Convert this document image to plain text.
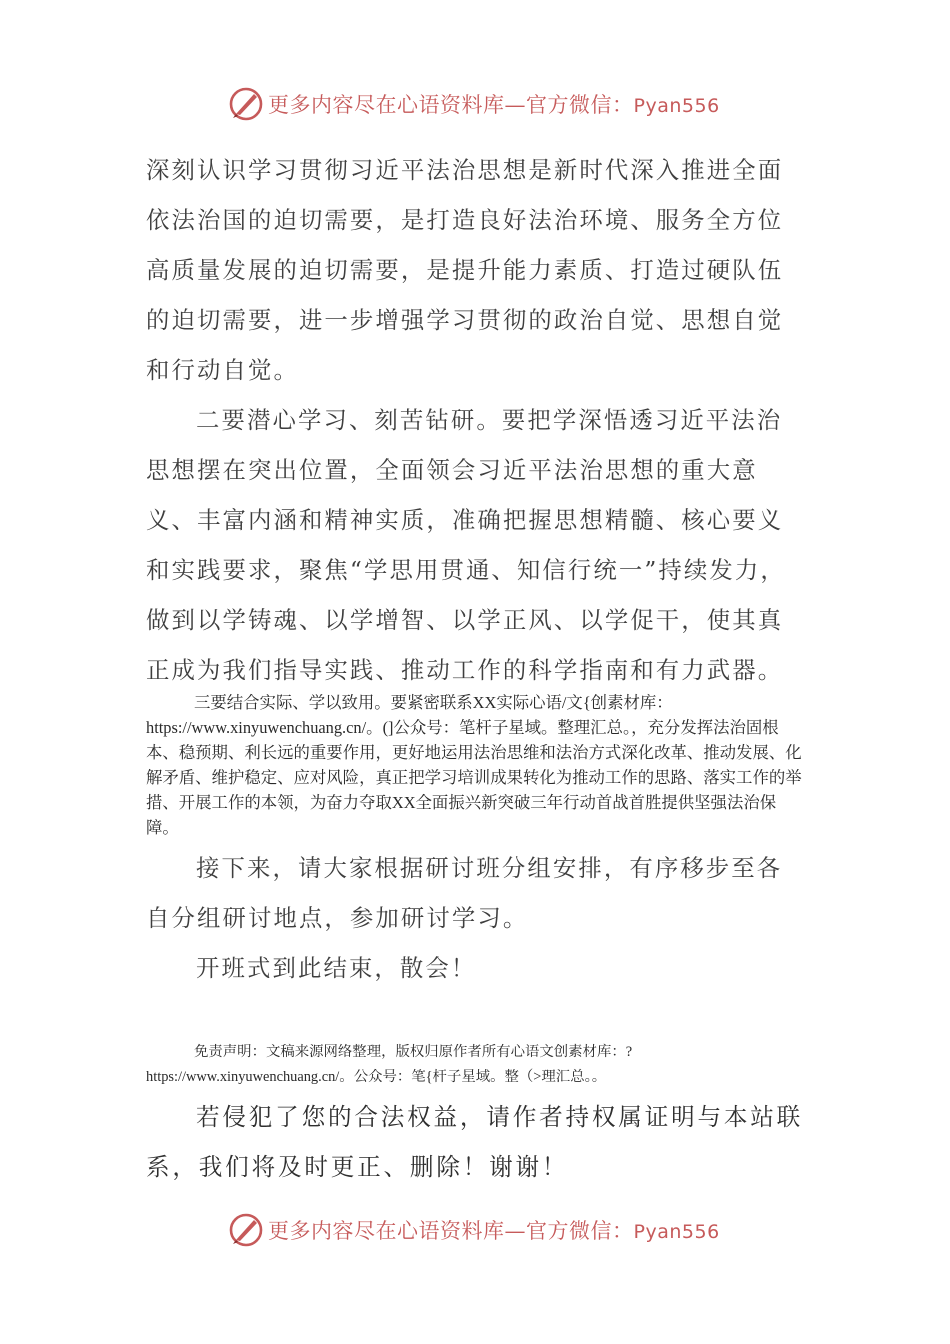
更多内容尽在心语资料库—官方微信：Pyan556

深刻认识学习贯彻习近平法治思想是新时代深入推进全面依法治国的迫切需要，是打造良好法治环境、服务全方位高质量发展的迫切需要，是提升能力素质、打造过硬队伍的迫切需要，进一步增强学习贯彻的政治自觉、思想自觉和行动自觉。

二要潜心学习、刻苦钻研。要把学深悟透习近平法治思想摆在突出位置，全面领会习近平法治思想的重大意义、丰富内涵和精神实质，准确把握思想精髓、核心要义和实践要求，聚焦“学思用贯通、知信行统一”持续发力，做到以学铸魂、以学增智、以学正风、以学促干，使其真正成为我们指导实践、推动工作的科学指南和有力武器。

三要结合实际、学以致用。要紧密联系XX实际心语/文{创素材库：https://www.xinyuwenchuang.cn/。(]公众号：笔杆子星域。整理汇总。，充分发挥法治固根本、稳预期、利长远的重要作用，更好地运用法治思维和法治方式深化改革、推动发展、化解矛盾、维护稳定、应对风险，真正把学习培训成果转化为推动工作的思路、落实工作的举措、开展工作的本领，为奋力夺取XX全面振兴新突破三年行动首战首胜提供坚强法治保障。

接下来，请大家根据研讨班分组安排，有序移步至各自分组研讨地点，参加研讨学习。

开班式到此结束，散会！

免责声明：文稿来源网络整理，版权归原作者所有心语文创素材库：?https://www.xinyuwenchuang.cn/。公众号：笔{杆子星域。整（>理汇总。。

若侵犯了您的合法权益，请作者持权属证明与本站联系，我们将及时更正、删除！谢谢！

更多内容尽在心语资料库—官方微信：Pyan556
